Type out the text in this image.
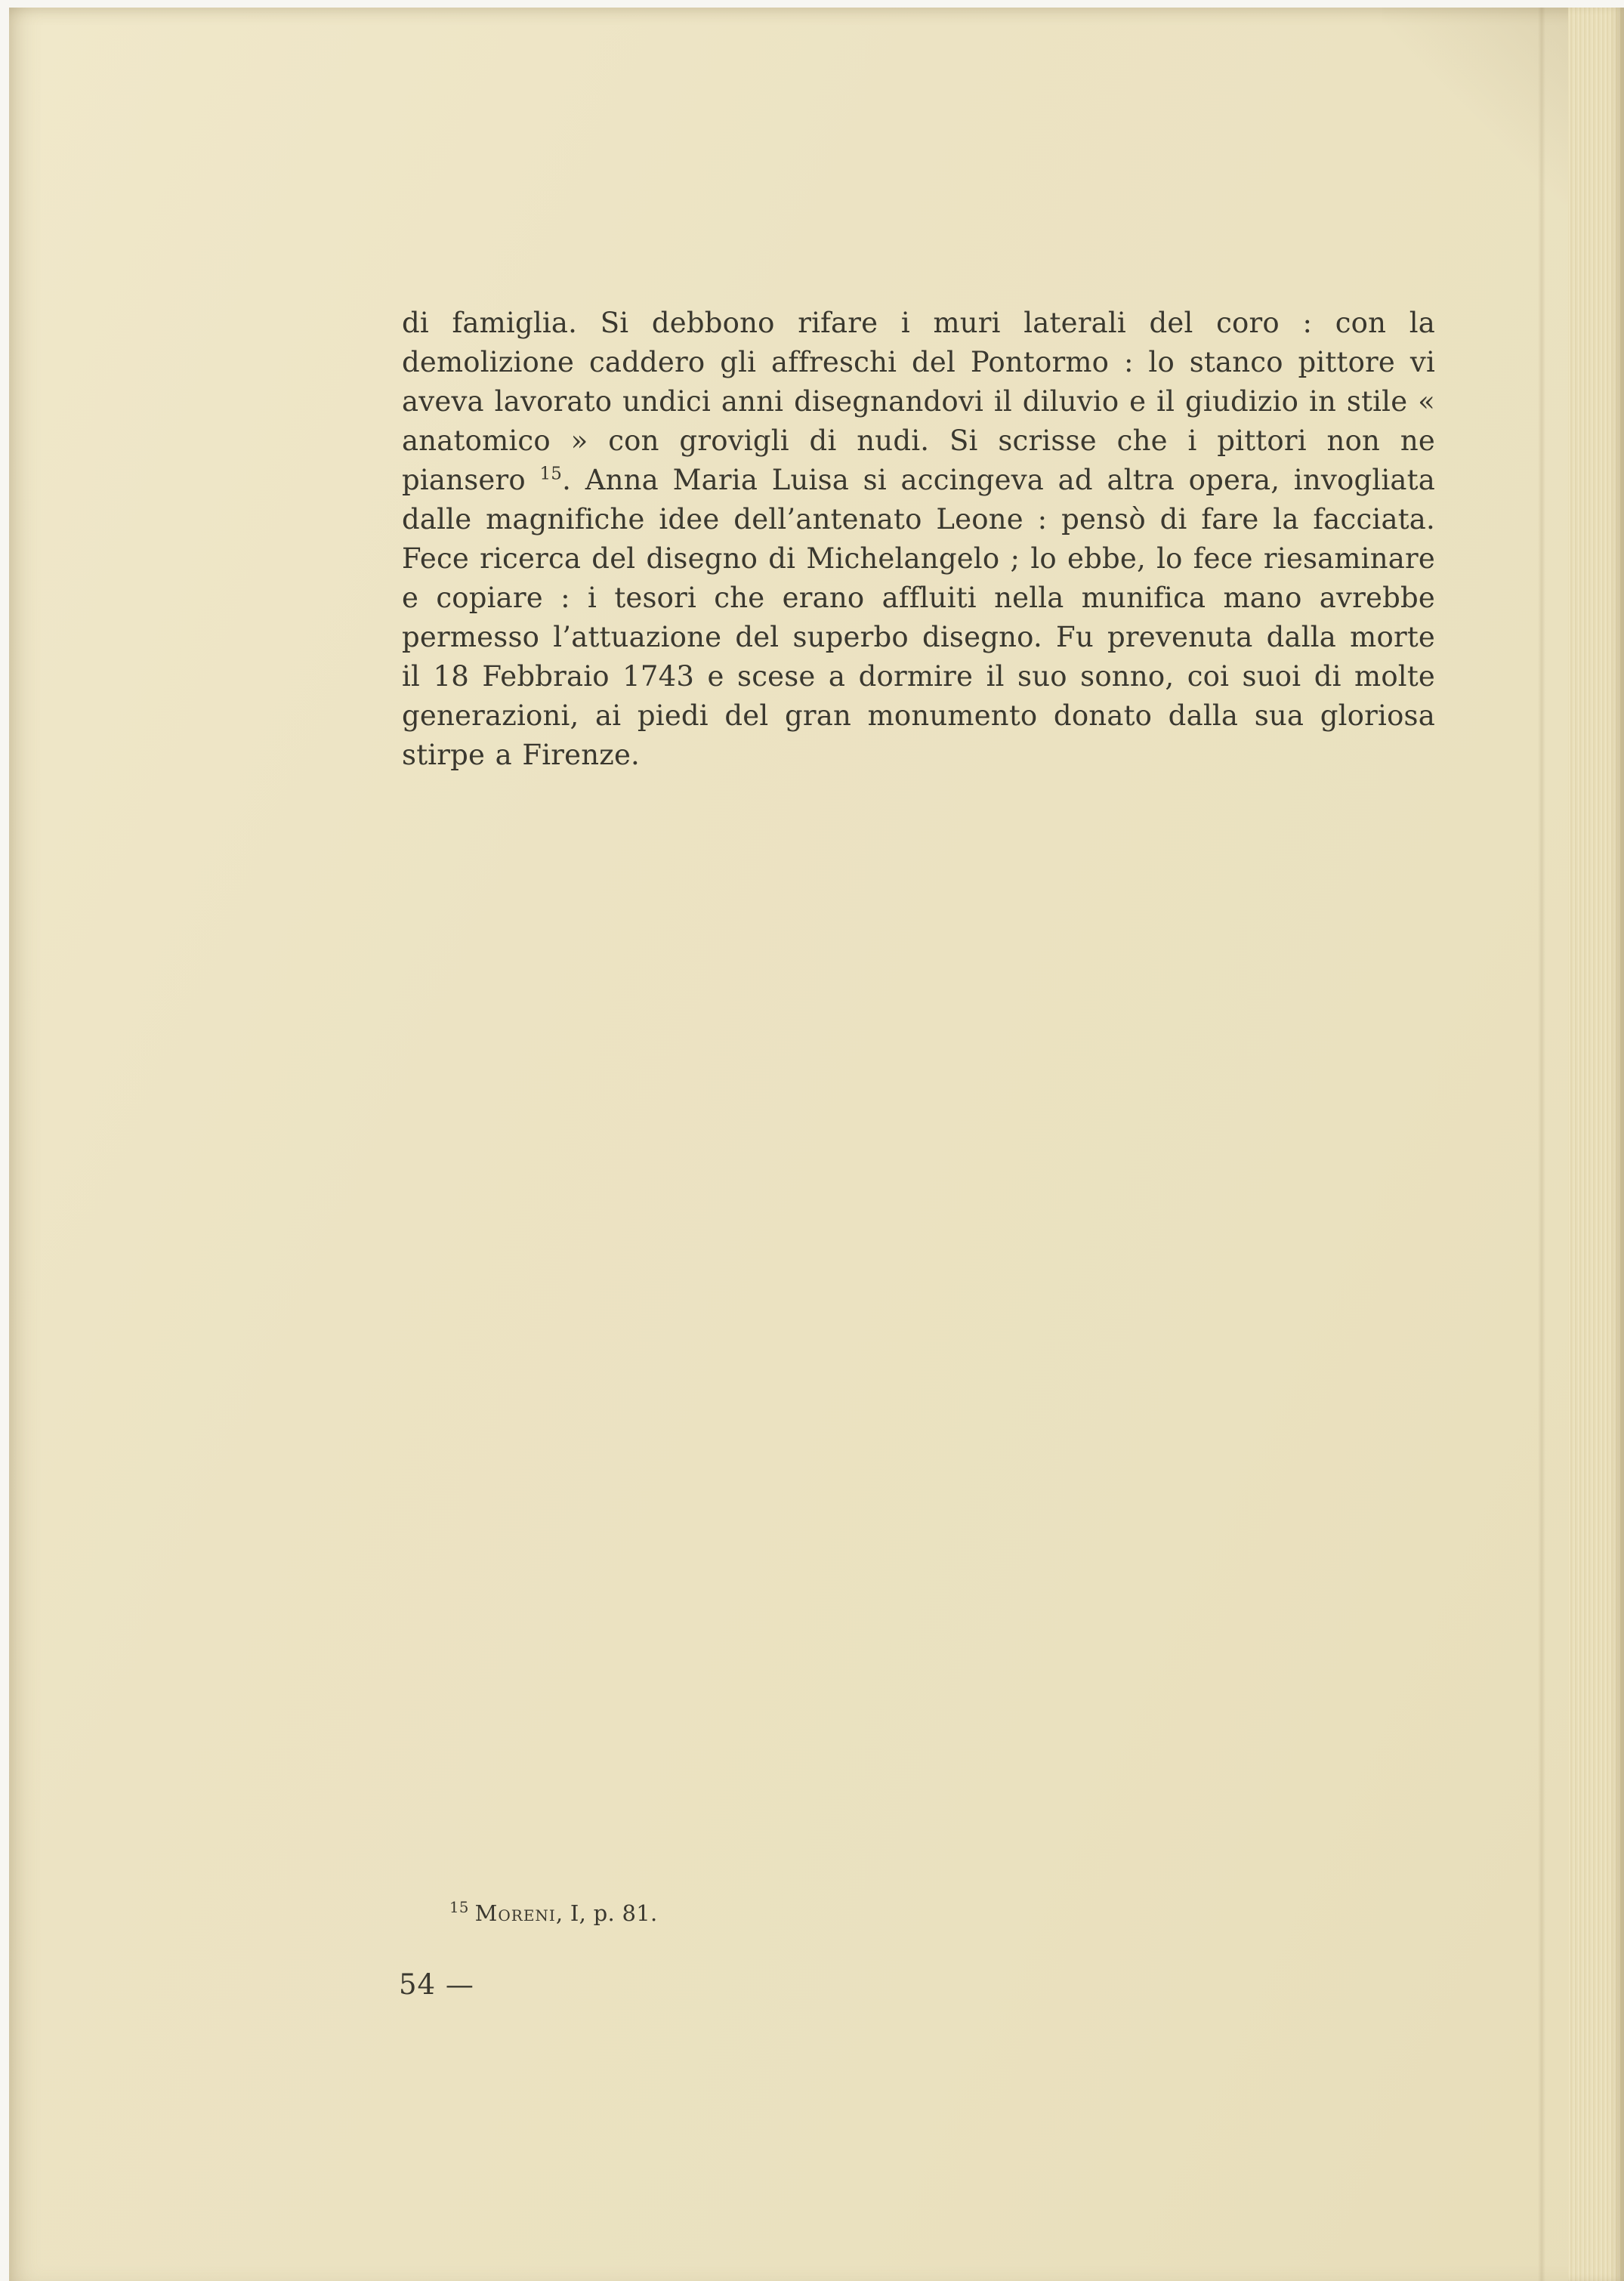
di famiglia. Si debbono rifare i muri laterali del coro : con la demolizione caddero gli affreschi del Pontormo : lo stanco pittore vi aveva lavorato undici anni disegnandovi il diluvio e il giudizio in stile « anatomico » con grovigli di nudi. Si scrisse che i pittori non ne piansero $^{15}$. Anna Maria Luisa si accingeva ad altra opera, invogliata dalle magnifiche idee dell’antenato Leone : pensò di fare la facciata. Fece ricerca del disegno di Michelangelo ; lo ebbe, lo fece riesaminare e copiare : i tesori che erano affluiti nella munifica mano avrebbe permesso l’attuazione del superbo disegno. Fu prevenuta dalla morte il 18 Febbraio 1743 e scese a dormire il suo sonno, coi suoi di molte generazioni, ai piedi del gran monumento donato dalla sua gloriosa stirpe a Firenze.

$^{15}$ Moreni, I, p. 81.
54 —
